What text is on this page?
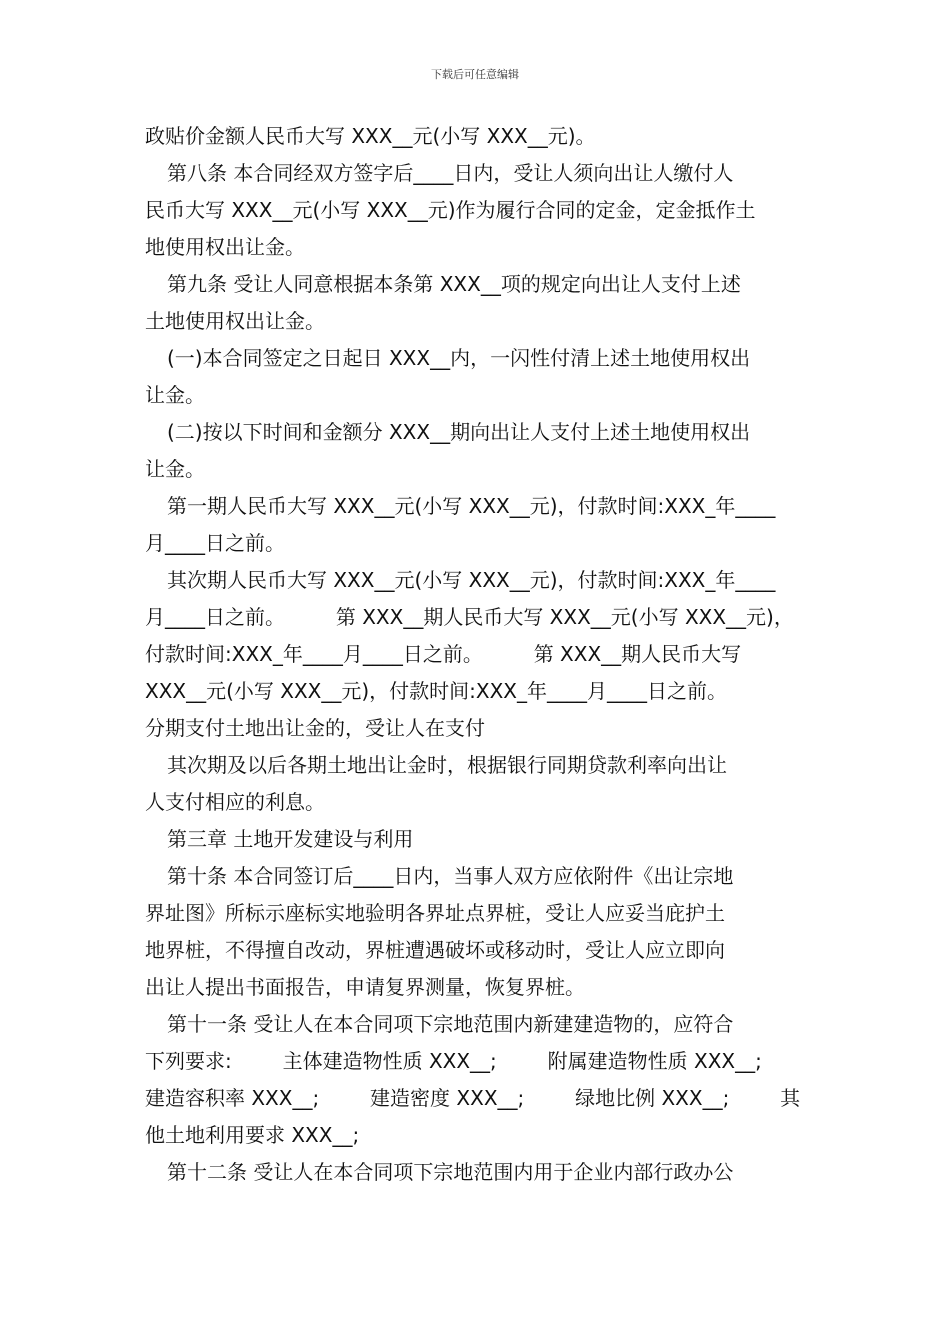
下载后可任意编辑
政贴价金额人民币大写 XXX__元(小写 XXX__元)。
第八条 本合同经双方签字后____日内，受让人须向出让人缴付人
民币大写 XXX__元(小写 XXX__元)作为履行合同的定金，定金抵作土
地使用权出让金。
第九条 受让人同意根据本条第 XXX__项的规定向出让人支付上述
土地使用权出让金。
(一)本合同签定之日起日 XXX__内，一闪性付清上述土地使用权出
让金。
(二)按以下时间和金额分 XXX__期向出让人支付上述土地使用权出
让金。
第一期人民币大写 XXX__元(小写 XXX__元)，付款时间:XXX_年____
月____日之前。
其次期人民币大写 XXX__元(小写 XXX__元)，付款时间:XXX_年____
月____日之前。        第 XXX__期人民币大写 XXX__元(小写 XXX__元)，
付款时间:XXX_年____月____日之前。        第 XXX__期人民币大写
XXX__元(小写 XXX__元)，付款时间:XXX_年____月____日之前。
分期支付土地出让金的，受让人在支付
其次期及以后各期土地出让金时，根据银行同期贷款利率向出让
人支付相应的利息。
第三章 土地开发建设与利用
第十条 本合同签订后____日内，当事人双方应依附件《出让宗地
界址图》所标示座标实地验明各界址点界桩，受让人应妥当庇护土
地界桩，不得擅自改动，界桩遭遇破坏或移动时，受让人应立即向
出让人提出书面报告，申请复界测量，恢复界桩。
第十一条 受让人在本合同项下宗地范围内新建建造物的，应符合
下列要求:        主体建造物性质 XXX__;        附属建造物性质 XXX__;
建造容积率 XXX__;        建造密度 XXX__;        绿地比例 XXX__;        其
他土地利用要求 XXX__;
第十二条 受让人在本合同项下宗地范围内用于企业内部行政办公
